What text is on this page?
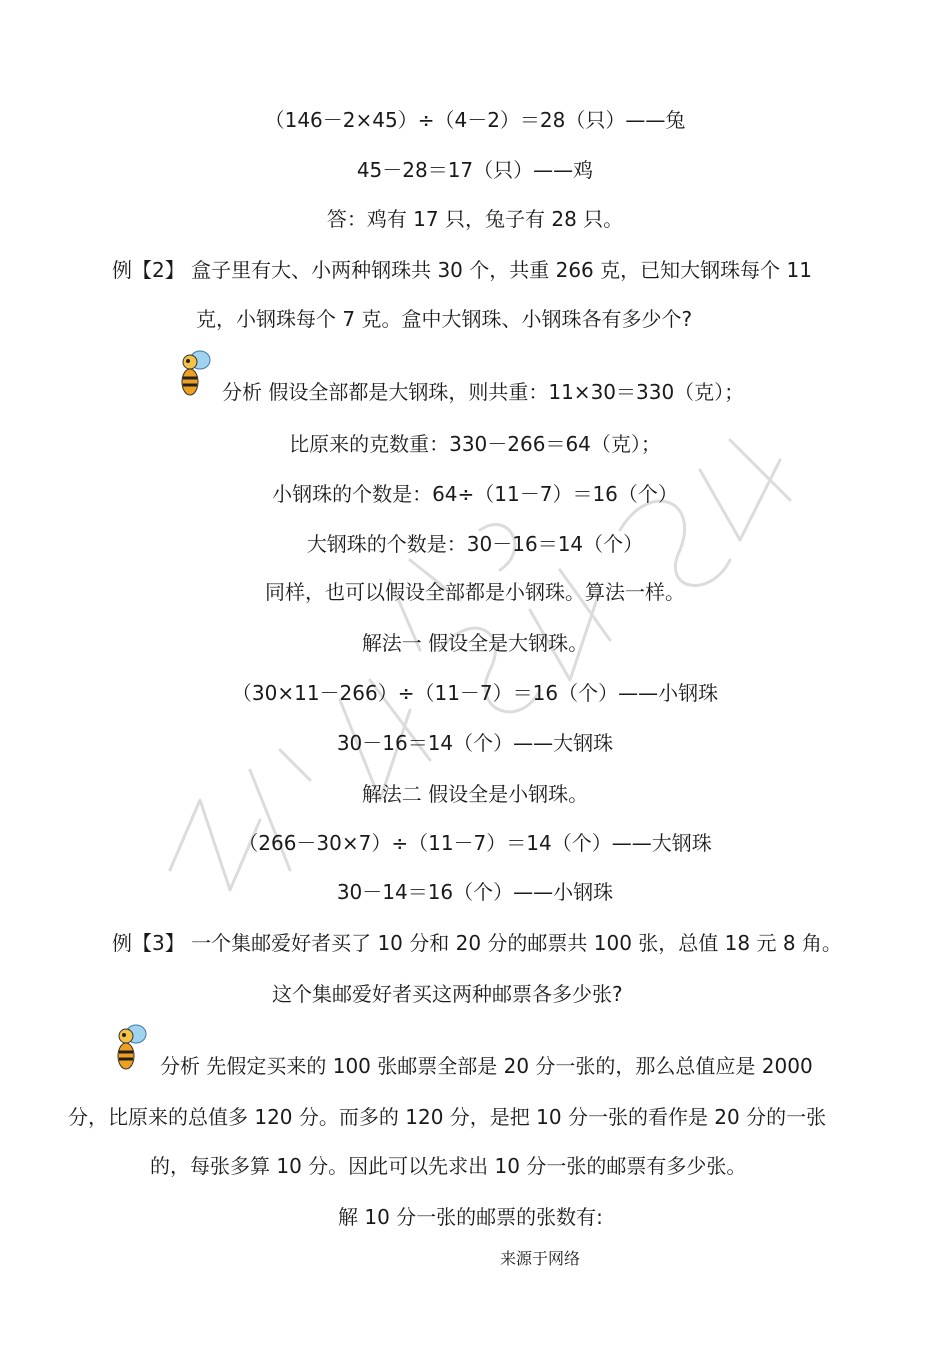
（146－2×45）÷（4－2）＝28（只）——兔
45－28＝17（只）——鸡
答：鸡有 17 只，兔子有 28 只。
例【2】 盒子里有大、小两种钢珠共 30 个，共重 266 克，已知大钢珠每个 11
克，小钢珠每个 7 克。盒中大钢珠、小钢珠各有多少个?
分析 假设全部都是大钢珠，则共重：11×30＝330（克）；
比原来的克数重：330－266＝64（克）；
小钢珠的个数是：64÷（11－7）＝16（个）
大钢珠的个数是：30－16＝14（个）
同样，也可以假设全部都是小钢珠。算法一样。
解法一 假设全是大钢珠。
（30×11－266）÷（11－7）＝16（个）——小钢珠
30－16＝14（个）——大钢珠
解法二 假设全是小钢珠。
（266－30×7）÷（11－7）＝14（个）——大钢珠
30－14＝16（个）——小钢珠
例【3】 一个集邮爱好者买了 10 分和 20 分的邮票共 100 张，总值 18 元 8 角。
这个集邮爱好者买这两种邮票各多少张?
分析 先假定买来的 100 张邮票全部是 20 分一张的，那么总值应是 2000
分，比原来的总值多 120 分。而多的 120 分，是把 10 分一张的看作是 20 分的一张
的，每张多算 10 分。因此可以先求出 10 分一张的邮票有多少张。
解 10 分一张的邮票的张数有:
来源于网络
